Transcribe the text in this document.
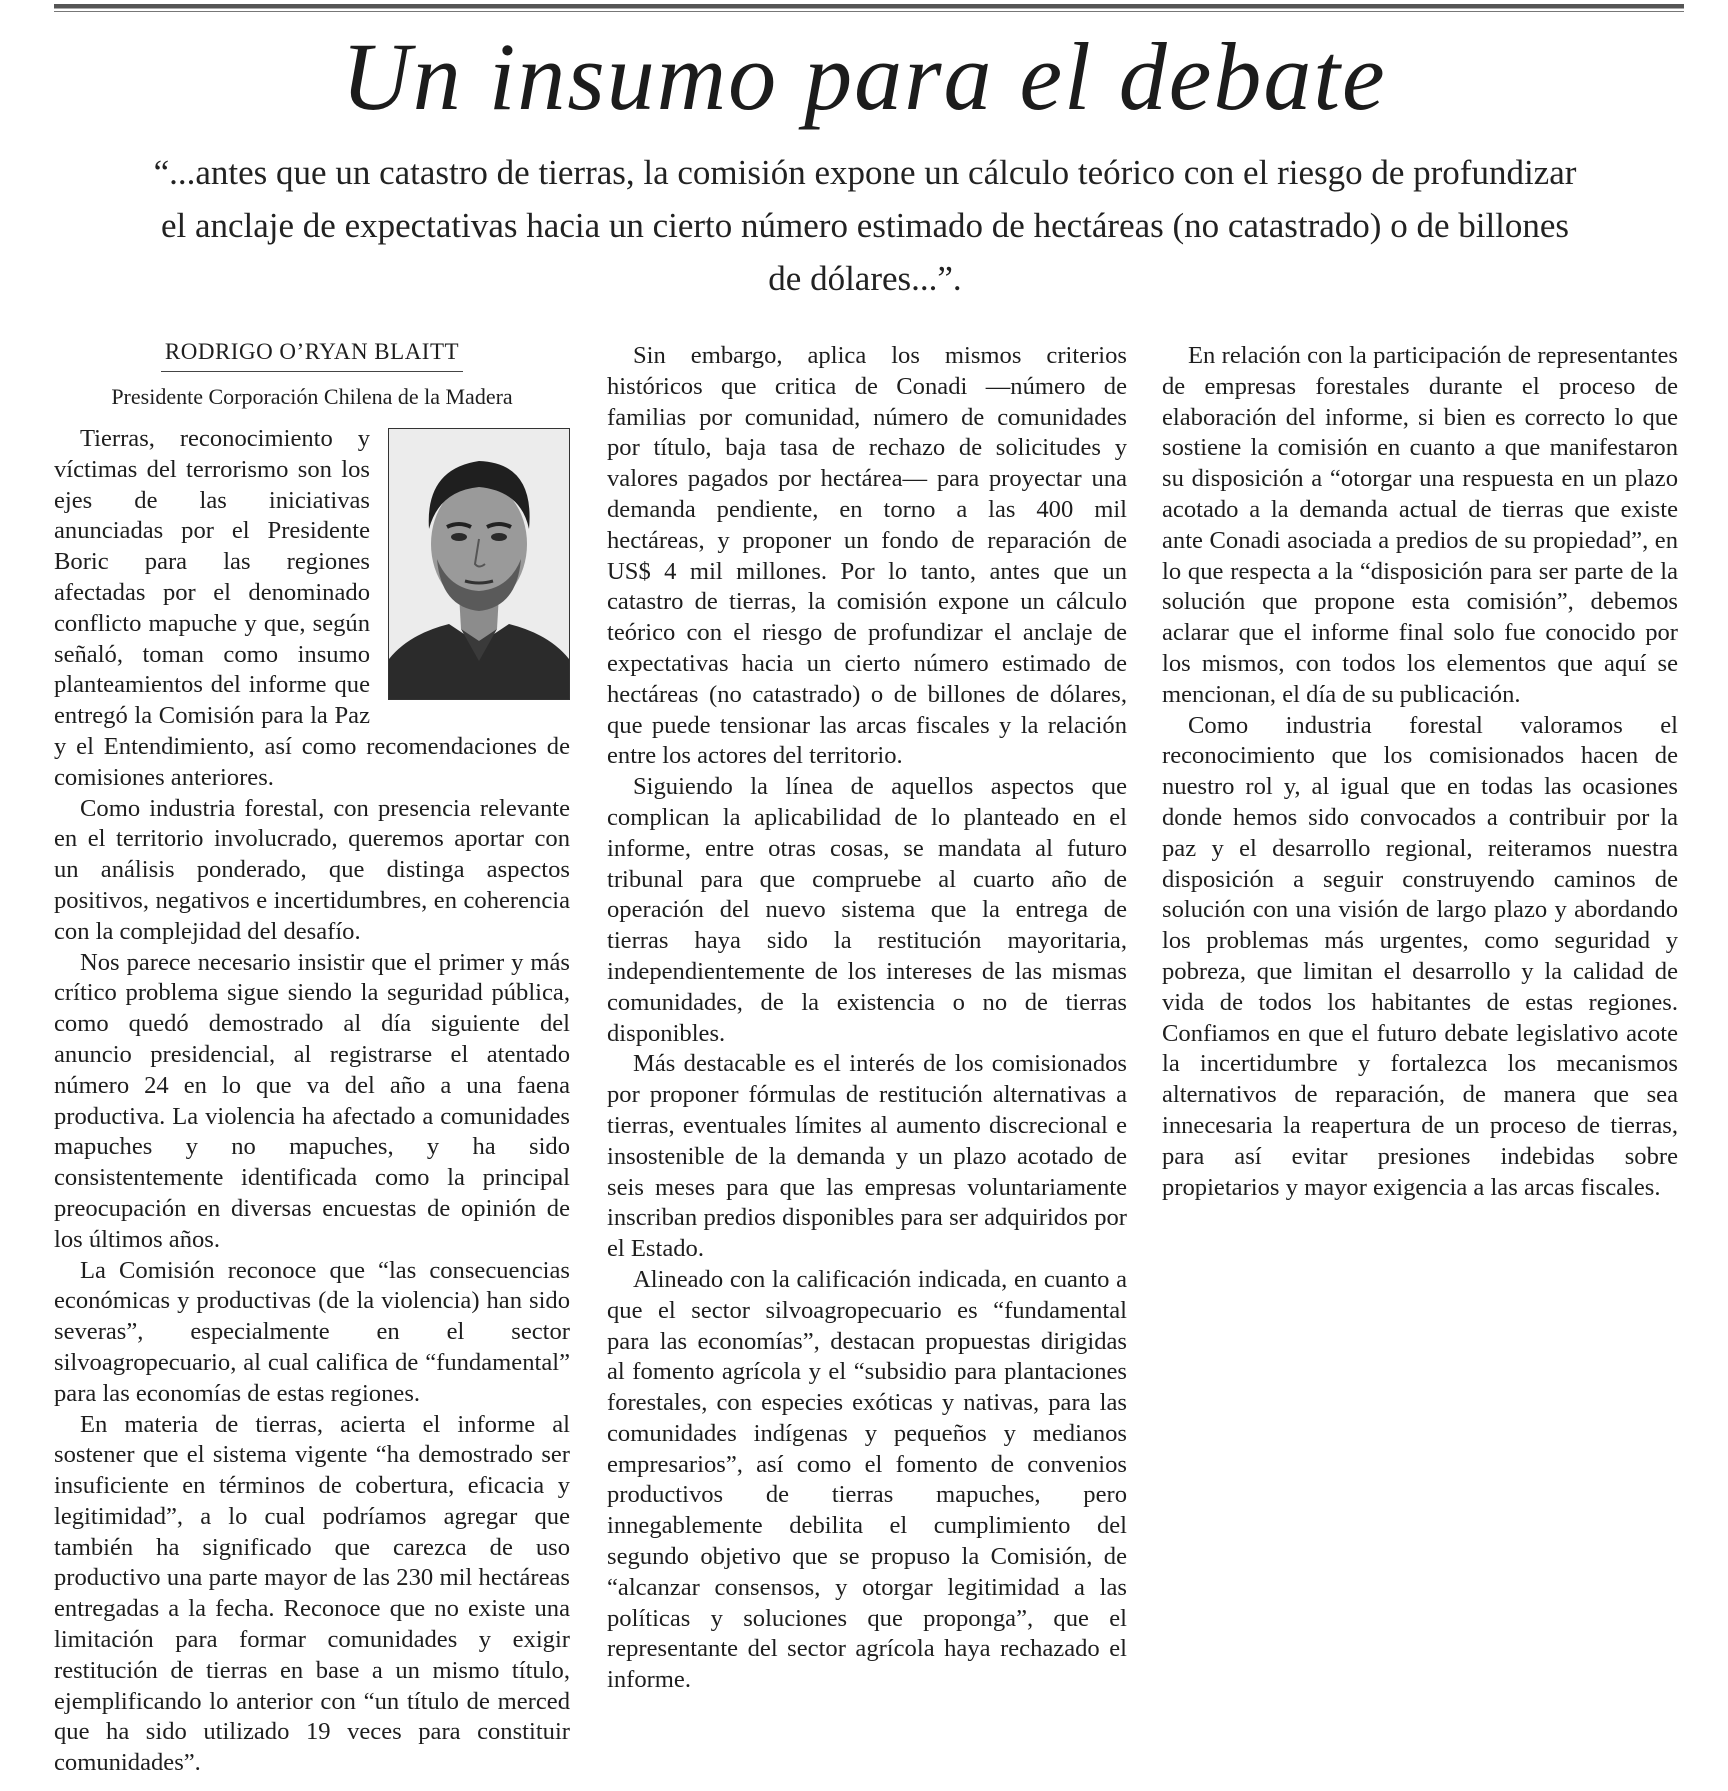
Un insumo para el debate

“...antes que un catastro de tierras, la comisión expone un cálculo teórico con el riesgo de profundizar el anclaje de expectativas hacia un cierto número estimado de hectáreas (no catastrado) o de billones de dólares...”.

RODRIGO O’RYAN BLAITT
Presidente Corporación Chilena de la Madera

Tierras, reconocimiento y víctimas del terrorismo son los ejes de las iniciativas anunciadas por el Presidente Boric para las regiones afectadas por el denominado conflicto mapuche y que, según señaló, toman como insumo planteamientos del informe que entregó la Comisión para la Paz y el Entendimiento, así como recomendaciones de comisiones anteriores.

Como industria forestal, con presencia relevante en el territorio involucrado, queremos aportar con un análisis ponderado, que distinga aspectos positivos, negativos e incertidumbres, en coherencia con la complejidad del desafío.

Nos parece necesario insistir que el primer y más crítico problema sigue siendo la seguridad pública, como quedó demostrado al día siguiente del anuncio presidencial, al registrarse el atentado número 24 en lo que va del año a una faena productiva. La violencia ha afectado a comunidades mapuches y no mapuches, y ha sido consistentemente identificada como la principal preocupación en diversas encuestas de opinión de los últimos años.

La Comisión reconoce que “las consecuencias económicas y productivas (de la violencia) han sido severas”, especialmente en el sector silvoagropecuario, al cual califica de “fundamental” para las economías de estas regiones.

En materia de tierras, acierta el informe al sostener que el sistema vigente “ha demostrado ser insuficiente en términos de cobertura, eficacia y legitimidad”, a lo cual podríamos agregar que también ha significado que carezca de uso productivo una parte mayor de las 230 mil hectáreas entregadas a la fecha. Reconoce que no existe una limitación para formar comunidades y exigir restitución de tierras en base a un mismo título, ejemplificando lo anterior con “un título de merced que ha sido utilizado 19 veces para constituir comunidades”.

Sin embargo, aplica los mismos criterios históricos que critica de Conadi —número de familias por comunidad, número de comunidades por título, baja tasa de rechazo de solicitudes y valores pagados por hectárea— para proyectar una demanda pendiente, en torno a las 400 mil hectáreas, y proponer un fondo de reparación de US$ 4 mil millones. Por lo tanto, antes que un catastro de tierras, la comisión expone un cálculo teórico con el riesgo de profundizar el anclaje de expectativas hacia un cierto número estimado de hectáreas (no catastrado) o de billones de dólares, que puede tensionar las arcas fiscales y la relación entre los actores del territorio.

Siguiendo la línea de aquellos aspectos que complican la aplicabilidad de lo planteado en el informe, entre otras cosas, se mandata al futuro tribunal para que compruebe al cuarto año de operación del nuevo sistema que la entrega de tierras haya sido la restitución mayoritaria, independientemente de los intereses de las mismas comunidades, de la existencia o no de tierras disponibles.

Más destacable es el interés de los comisionados por proponer fórmulas de restitución alternativas a tierras, eventuales límites al aumento discrecional e insostenible de la demanda y un plazo acotado de seis meses para que las empresas voluntariamente inscriban predios disponibles para ser adquiridos por el Estado.

Alineado con la calificación indicada, en cuanto a que el sector silvoagropecuario es “fundamental para las economías”, destacan propuestas dirigidas al fomento agrícola y el “subsidio para plantaciones forestales, con especies exóticas y nativas, para las comunidades indígenas y pequeños y medianos empresarios”, así como el fomento de convenios productivos de tierras mapuches, pero innegablemente debilita el cumplimiento del segundo objetivo que se propuso la Comisión, de “alcanzar consensos, y otorgar legitimidad a las políticas y soluciones que proponga”, que el representante del sector agrícola haya rechazado el informe.

En relación con la participación de representantes de empresas forestales durante el proceso de elaboración del informe, si bien es correcto lo que sostiene la comisión en cuanto a que manifestaron su disposición a “otorgar una respuesta en un plazo acotado a la demanda actual de tierras que existe ante Conadi asociada a predios de su propiedad”, en lo que respecta a la “disposición para ser parte de la solución que propone esta comisión”, debemos aclarar que el informe final solo fue conocido por los mismos, con todos los elementos que aquí se mencionan, el día de su publicación.

Como industria forestal valoramos el reconocimiento que los comisionados hacen de nuestro rol y, al igual que en todas las ocasiones donde hemos sido convocados a contribuir por la paz y el desarrollo regional, reiteramos nuestra disposición a seguir construyendo caminos de solución con una visión de largo plazo y abordando los problemas más urgentes, como seguridad y pobreza, que limitan el desarrollo y la calidad de vida de todos los habitantes de estas regiones. Confiamos en que el futuro debate legislativo acote la incertidumbre y fortalezca los mecanismos alternativos de reparación, de manera que sea innecesaria la reapertura de un proceso de tierras, para así evitar presiones indebidas sobre propietarios y mayor exigencia a las arcas fiscales.
